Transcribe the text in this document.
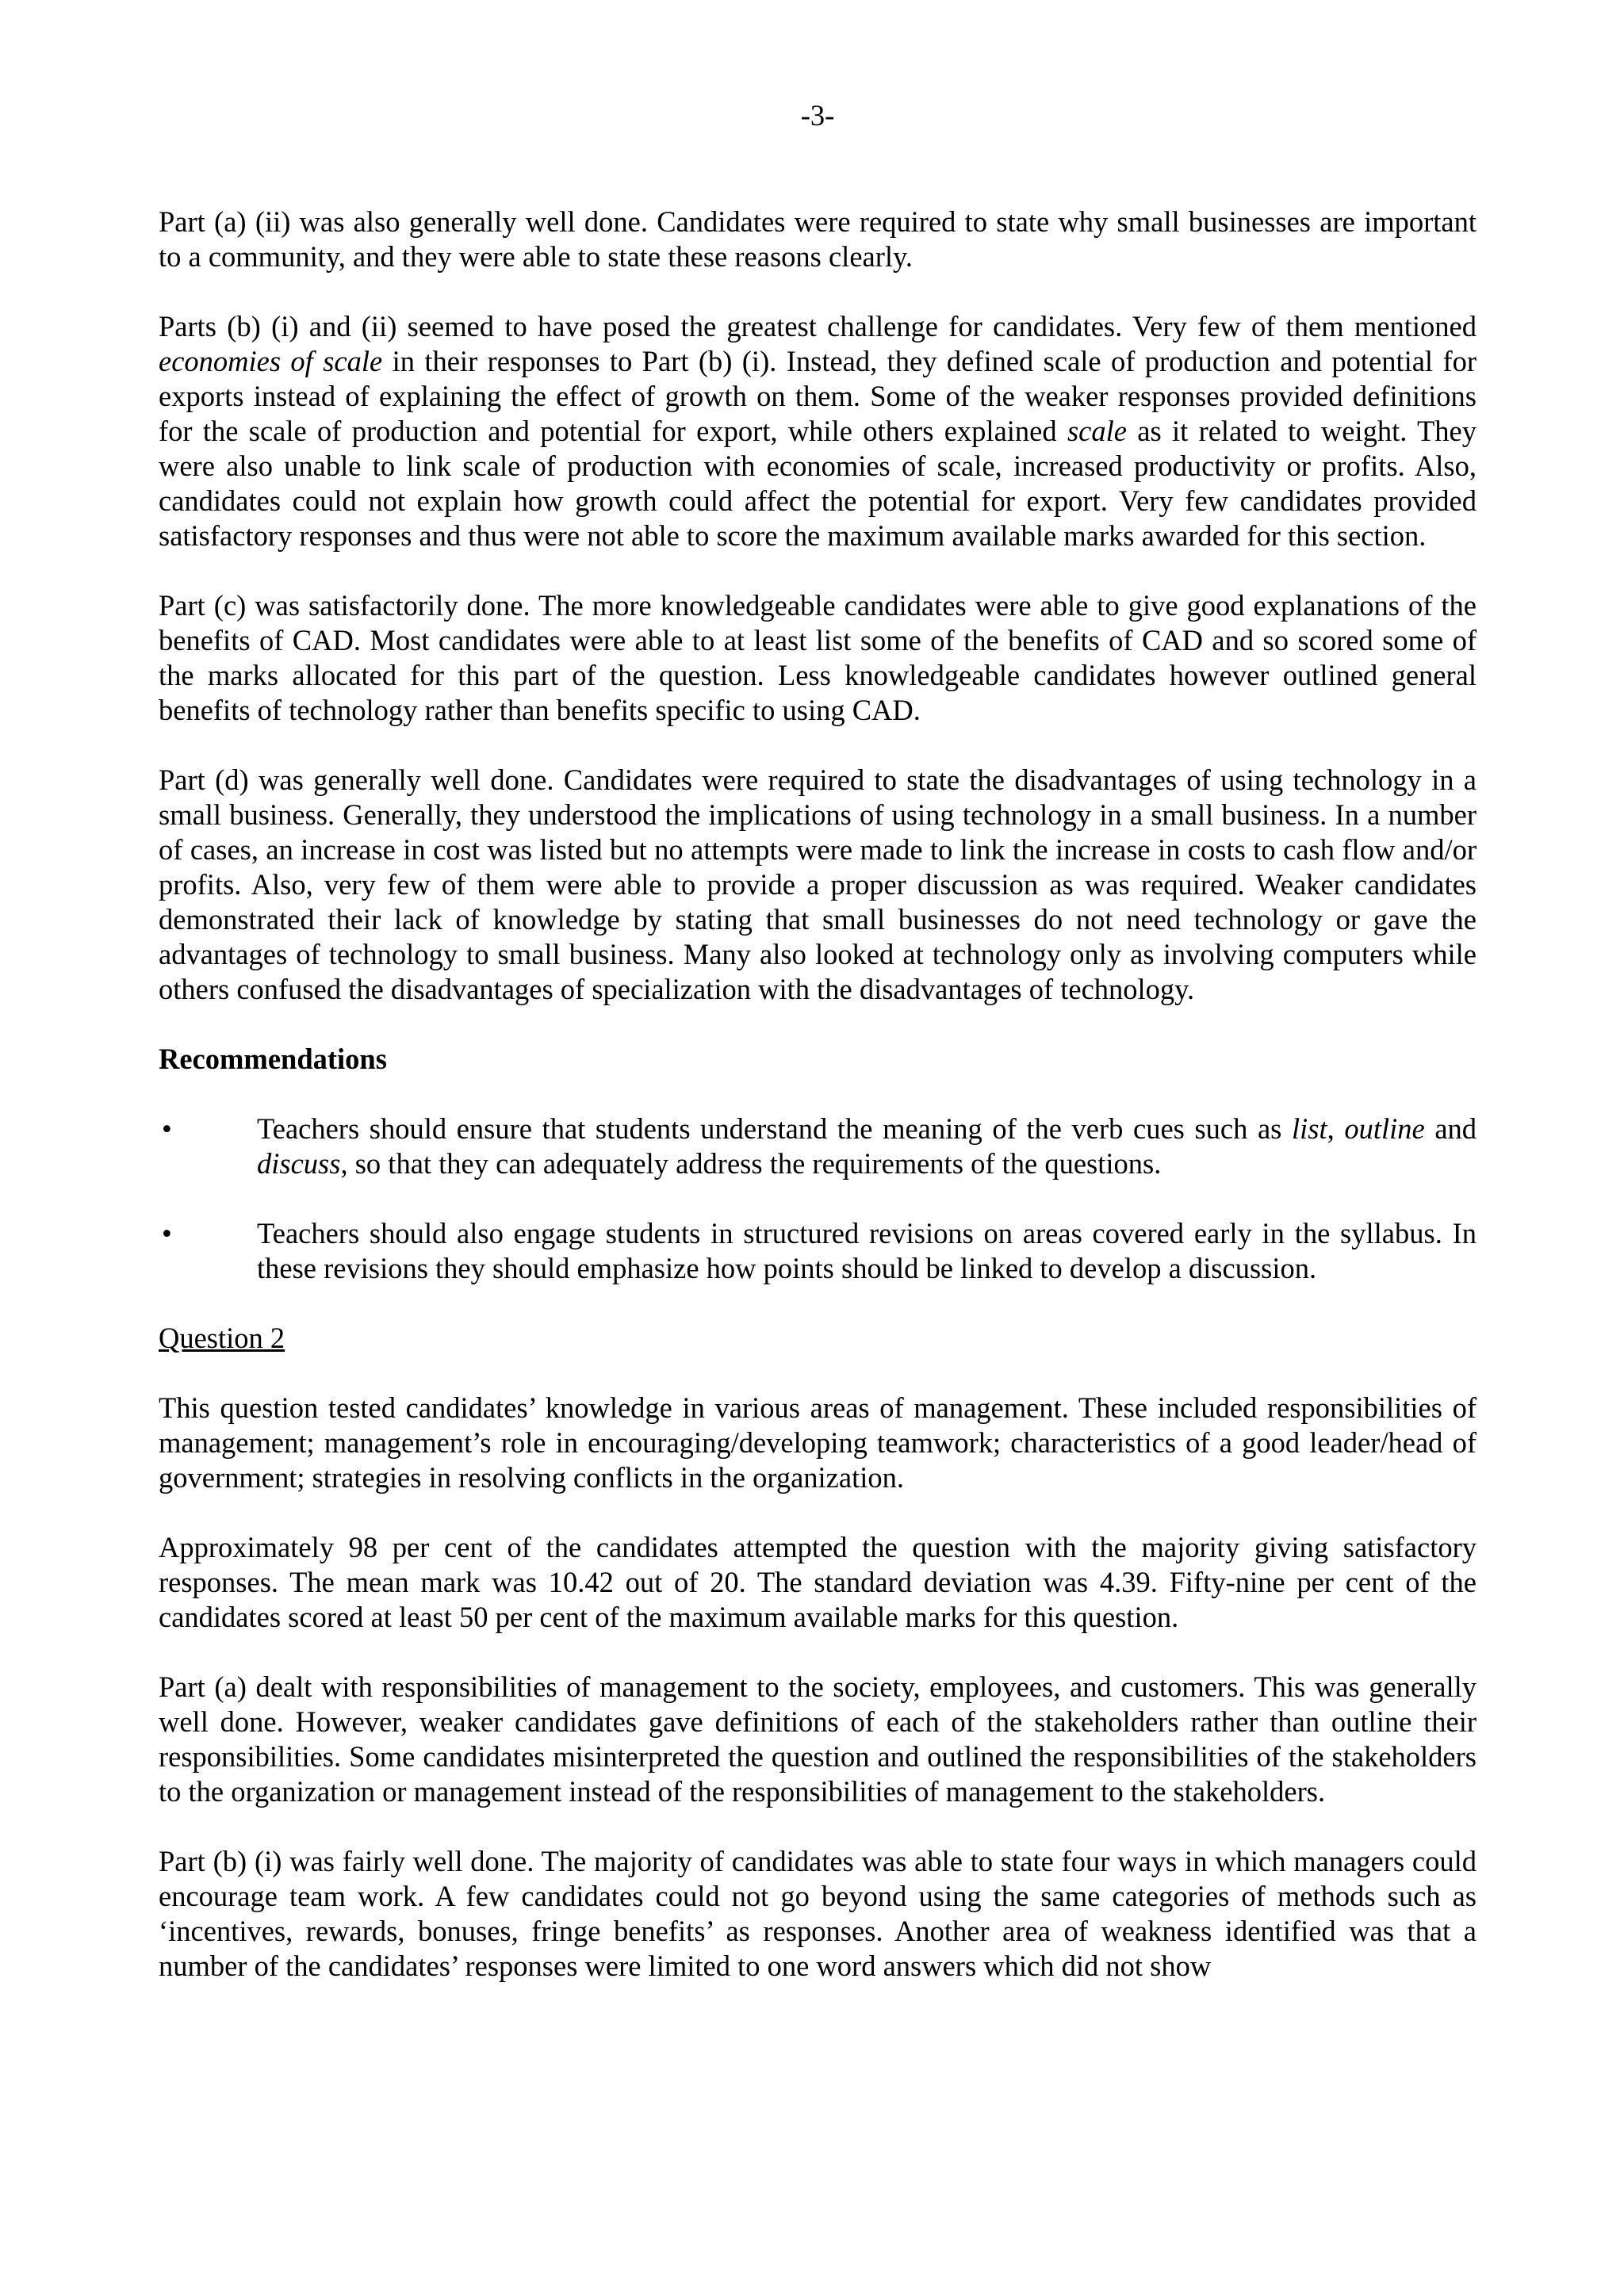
-3-

Part (a) (ii) was also generally well done. Candidates were required to state why small businesses are important to a community, and they were able to state these reasons clearly.

Parts (b) (i) and (ii) seemed to have posed the greatest challenge for candidates. Very few of them mentioned economies of scale in their responses to Part (b) (i). Instead, they defined scale of production and potential for exports instead of explaining the effect of growth on them. Some of the weaker responses provided definitions for the scale of production and potential for export, while others explained scale as it related to weight. They were also unable to link scale of production with economies of scale, increased productivity or profits. Also, candidates could not explain how growth could affect the potential for export. Very few candidates provided satisfactory responses and thus were not able to score the maximum available marks awarded for this section.

Part (c) was satisfactorily done. The more knowledgeable candidates were able to give good explanations of the benefits of CAD. Most candidates were able to at least list some of the benefits of CAD and so scored some of the marks allocated for this part of the question. Less knowledgeable candidates however outlined general benefits of technology rather than benefits specific to using CAD.

Part (d) was generally well done. Candidates were required to state the disadvantages of using technology in a small business. Generally, they understood the implications of using technology in a small business. In a number of cases, an increase in cost was listed but no attempts were made to link the increase in costs to cash flow and/or profits. Also, very few of them were able to provide a proper discussion as was required. Weaker candidates demonstrated their lack of knowledge by stating that small businesses do not need technology or gave the advantages of technology to small business. Many also looked at technology only as involving computers while others confused the disadvantages of specialization with the disadvantages of technology.

Recommendations
•	Teachers should ensure that students understand the meaning of the verb cues such as list, outline and discuss, so that they can adequately address the requirements of the questions.
•	Teachers should also engage students in structured revisions on areas covered early in the syllabus. In these revisions they should emphasize how points should be linked to develop a discussion.
Question 2

This question tested candidates’ knowledge in various areas of management. These included responsibilities of management; management’s role in encouraging/developing teamwork; characteristics of a good leader/head of government; strategies in resolving conflicts in the organization.

Approximately 98 per cent of the candidates attempted the question with the majority giving satisfactory responses. The mean mark was 10.42 out of 20. The standard deviation was 4.39. Fifty-nine per cent of the candidates scored at least 50 per cent of the maximum available marks for this question.

Part (a) dealt with responsibilities of management to the society, employees, and customers. This was generally well done. However, weaker candidates gave definitions of each of the stakeholders rather than outline their responsibilities. Some candidates misinterpreted the question and outlined the responsibilities of the stakeholders to the organization or management instead of the responsibilities of management to the stakeholders.

Part (b) (i) was fairly well done. The majority of candidates was able to state four ways in which managers could encourage team work. A few candidates could not go beyond using the same categories of methods such as ‘incentives, rewards, bonuses, fringe benefits’ as responses. Another area of weakness identified was that a number of the candidates’ responses were limited to one word answers which did not show
